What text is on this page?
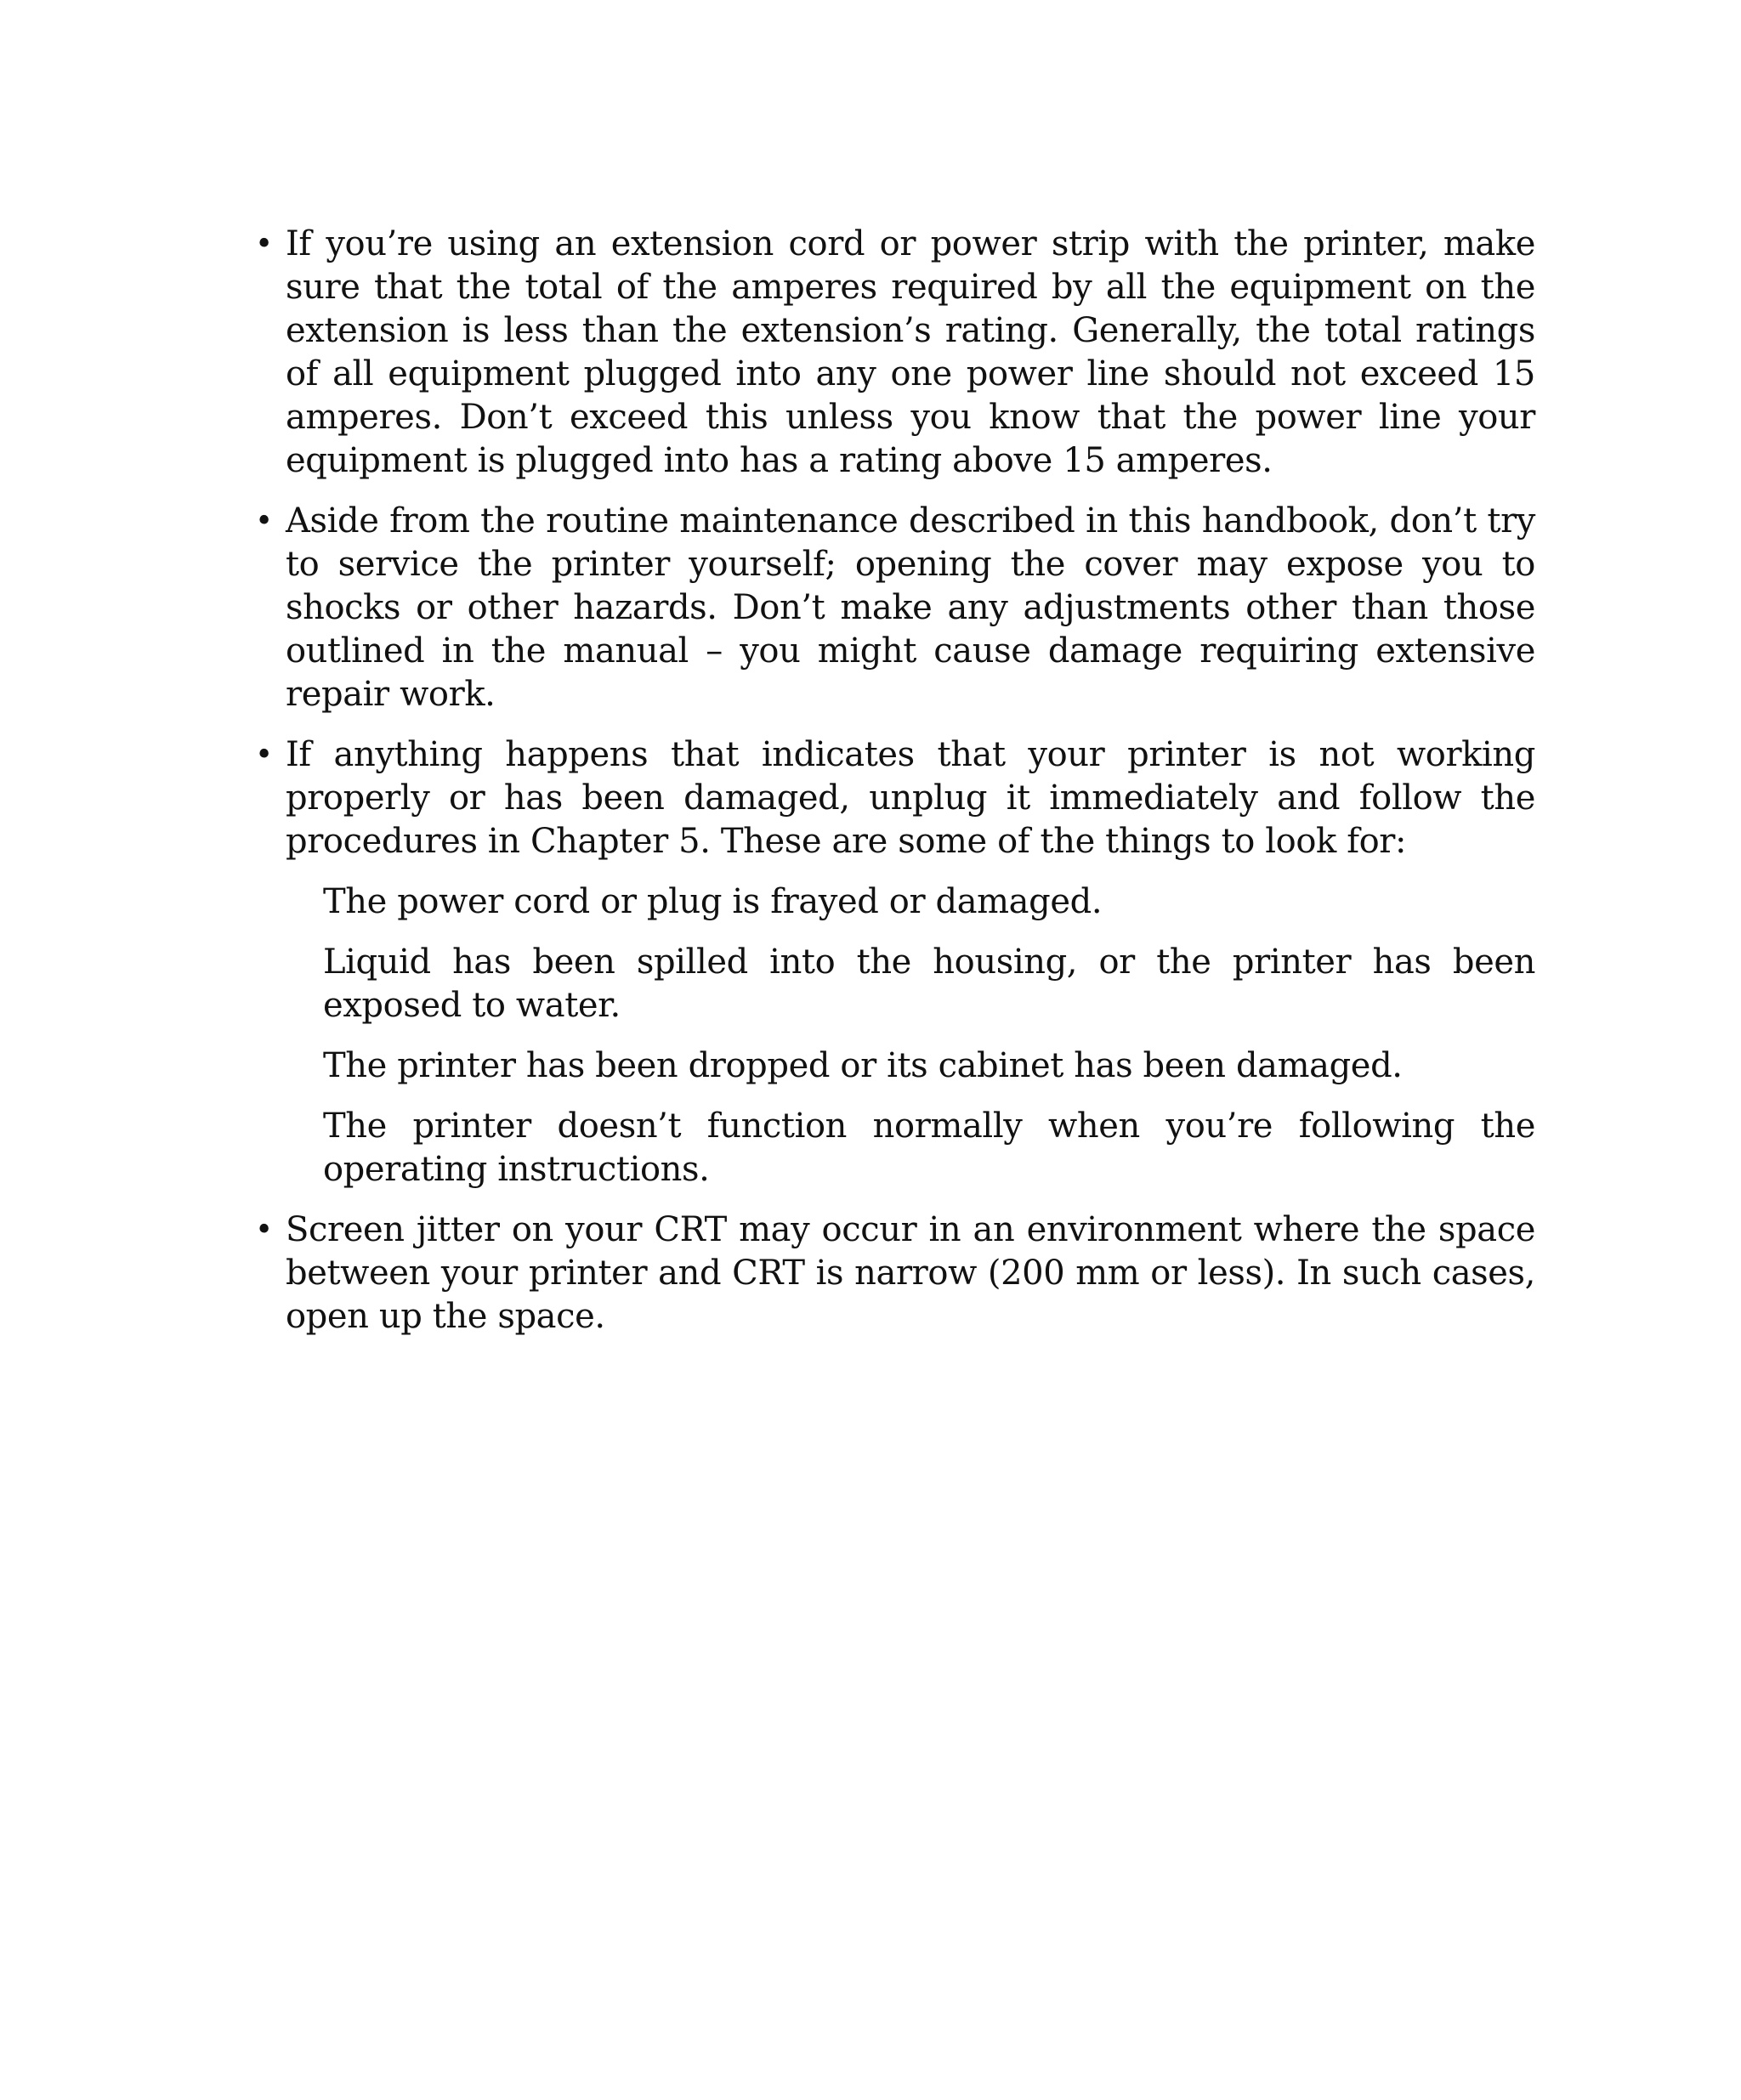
• If you’re using an extension cord or power strip with the printer, make sure that the total of the amperes required by all the equipment on the extension is less than the extension’s rating. Generally, the total ratings of all equipment plugged into any one power line should not exceed 15 amperes. Don’t exceed this unless you know that the power line your equipment is plugged into has a rating above 15 amperes.

• Aside from the routine maintenance described in this handbook, don’t try to service the printer yourself; opening the cover may expose you to shocks or other hazards. Don’t make any adjustments other than those outlined in the manual – you might cause damage requiring extensive repair work.

• If anything happens that indicates that your printer is not working properly or has been damaged, unplug it immediately and follow the procedures in Chapter 5. These are some of the things to look for:

The power cord or plug is frayed or damaged.

Liquid has been spilled into the housing, or the printer has been exposed to water.

The printer has been dropped or its cabinet has been damaged.

The printer doesn’t function normally when you’re following the operating instructions.

• Screen jitter on your CRT may occur in an environment where the space between your printer and CRT is narrow (200 mm or less). In such cases, open up the space.
